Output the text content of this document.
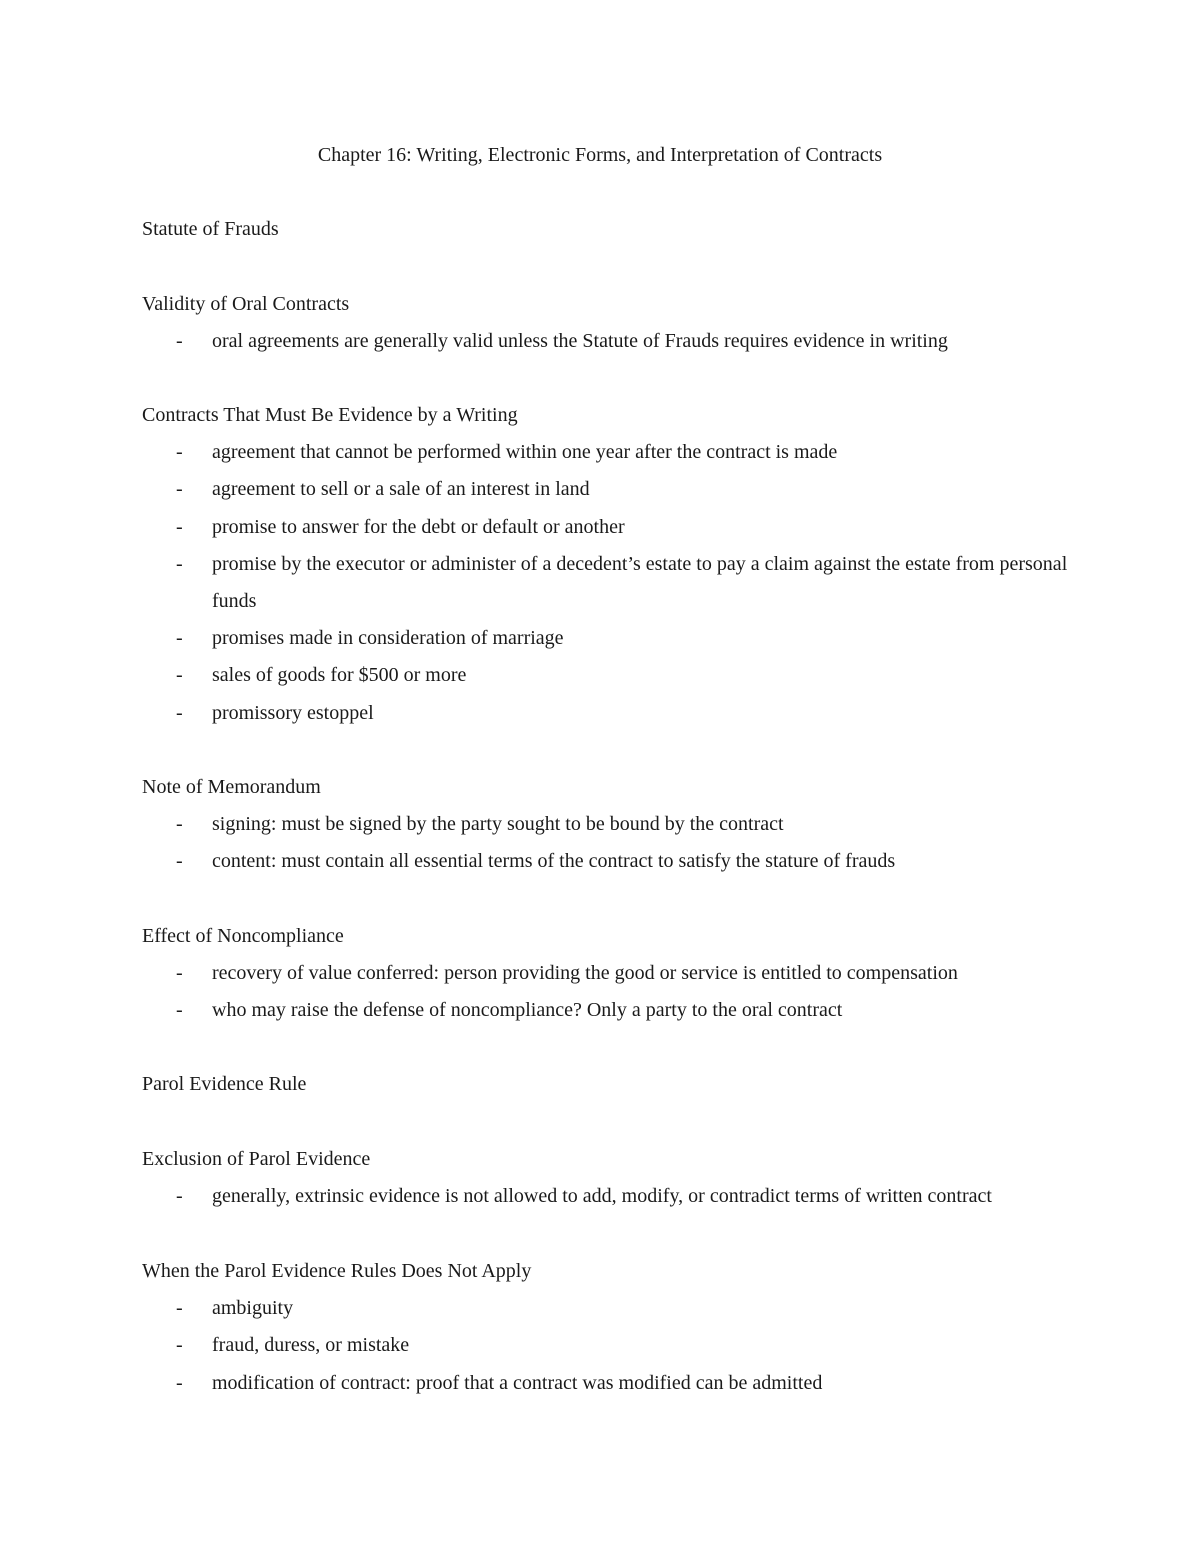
Chapter 16: Writing, Electronic Forms, and Interpretation of Contracts
Statute of Frauds
Validity of Oral Contracts
- oral agreements are generally valid unless the Statute of Frauds requires evidence in writing
Contracts That Must Be Evidence by a Writing
- agreement that cannot be performed within one year after the contract is made
- agreement to sell or a sale of an interest in land
- promise to answer for the debt or default or another
- promise by the executor or administer of a decedent’s estate to pay a claim against the estate from personal funds
- promises made in consideration of marriage
- sales of goods for $500 or more
- promissory estoppel
Note of Memorandum
- signing: must be signed by the party sought to be bound by the contract
- content: must contain all essential terms of the contract to satisfy the stature of frauds
Effect of Noncompliance
- recovery of value conferred: person providing the good or service is entitled to compensation
- who may raise the defense of noncompliance? Only a party to the oral contract
Parol Evidence Rule
Exclusion of Parol Evidence
- generally, extrinsic evidence is not allowed to add, modify, or contradict terms of written contract
When the Parol Evidence Rules Does Not Apply
- ambiguity
- fraud, duress, or mistake
- modification of contract: proof that a contract was modified can be admitted
